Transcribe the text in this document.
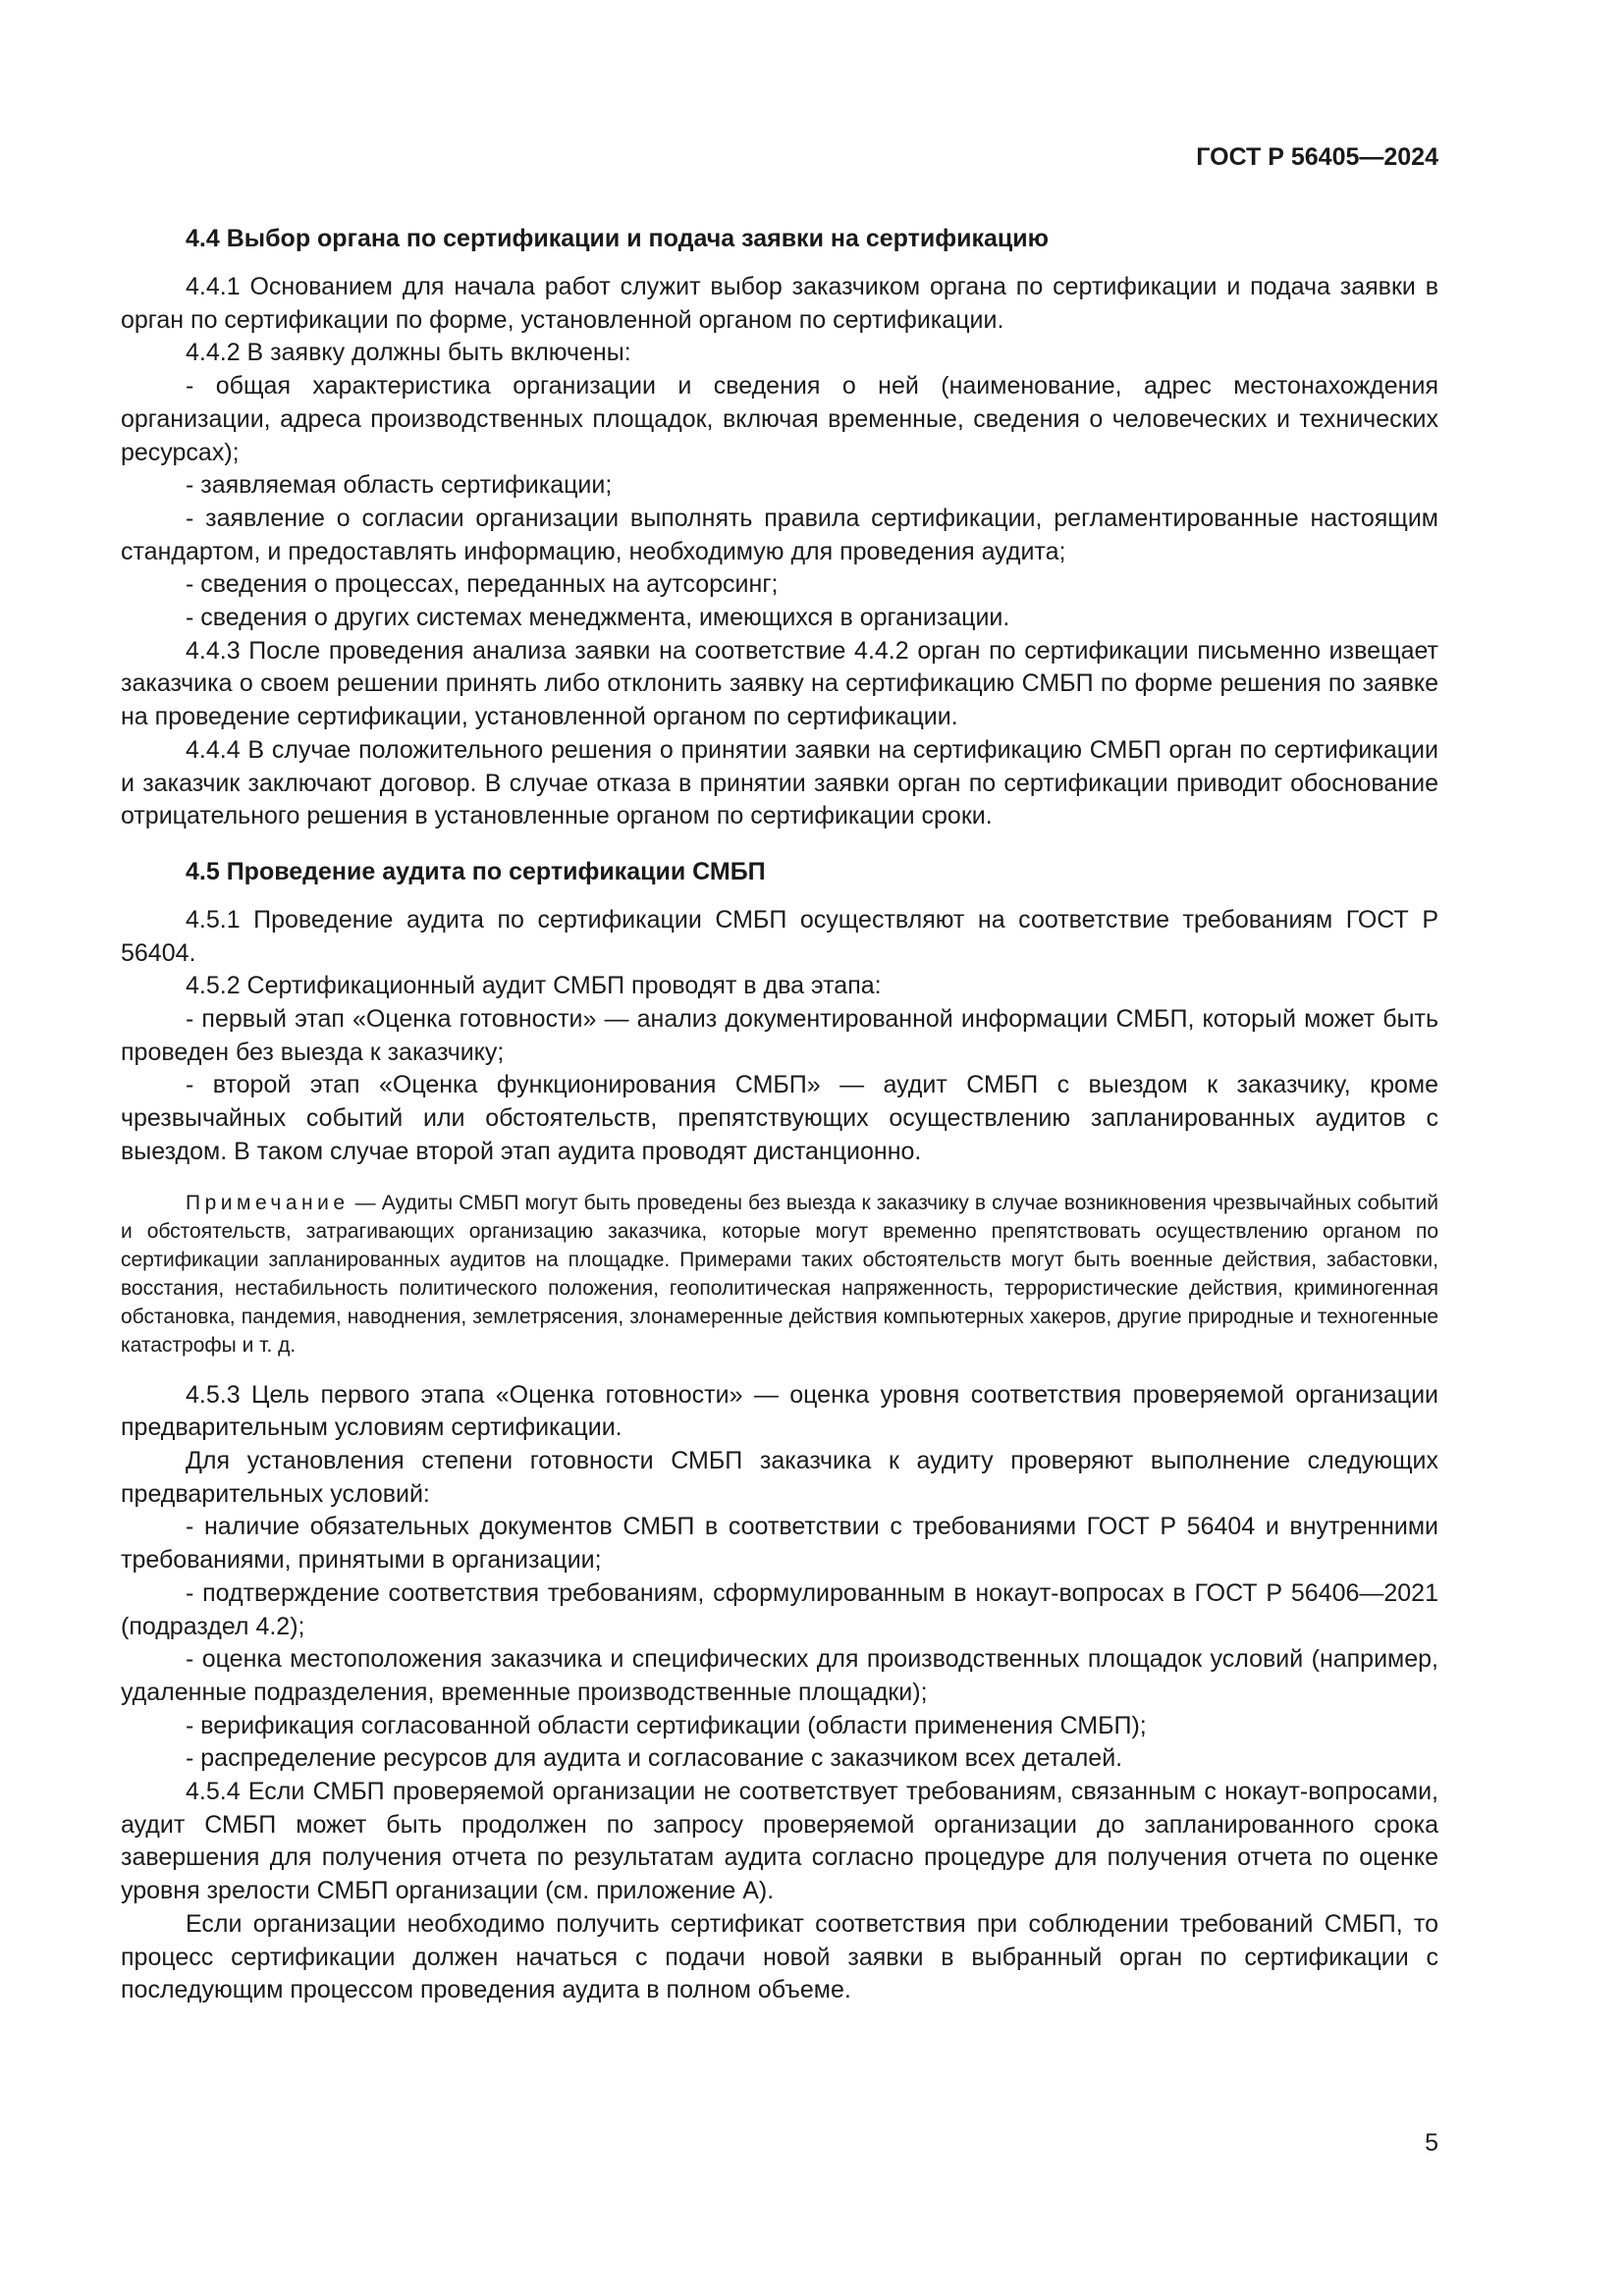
ГОСТ Р 56405—2024
4.4 Выбор органа по сертификации и подача заявки на сертификацию

4.4.1 Основанием для начала работ служит выбор заказчиком органа по сертификации и подача заявки в орган по сертификации по форме, установленной органом по сертификации.

4.4.2 В заявку должны быть включены:

- общая характеристика организации и сведения о ней (наименование, адрес местонахождения организации, адреса производственных площадок, включая временные, сведения о человеческих и технических ресурсах);

- заявляемая область сертификации;

- заявление о согласии организации выполнять правила сертификации, регламентированные настоящим стандартом, и предоставлять информацию, необходимую для проведения аудита;

- сведения о процессах, переданных на аутсорсинг;

- сведения о других системах менеджмента, имеющихся в организации.

4.4.3 После проведения анализа заявки на соответствие 4.4.2 орган по сертификации письменно извещает заказчика о своем решении принять либо отклонить заявку на сертификацию СМБП по форме решения по заявке на проведение сертификации, установленной органом по сертификации.

4.4.4 В случае положительного решения о принятии заявки на сертификацию СМБП орган по сертификации и заказчик заключают договор. В случае отказа в принятии заявки орган по сертификации приводит обоснование отрицательного решения в установленные органом по сертификации сроки.

4.5 Проведение аудита по сертификации СМБП

4.5.1 Проведение аудита по сертификации СМБП осуществляют на соответствие требованиям ГОСТ Р 56404.

4.5.2 Сертификационный аудит СМБП проводят в два этапа:

- первый этап «Оценка готовности» — анализ документированной информации СМБП, который может быть проведен без выезда к заказчику;

- второй этап «Оценка функционирования СМБП» — аудит СМБП с выездом к заказчику, кроме чрезвычайных событий или обстоятельств, препятствующих осуществлению запланированных аудитов с выездом. В таком случае второй этап аудита проводят дистанционно.

Примечание — Аудиты СМБП могут быть проведены без выезда к заказчику в случае возникновения чрезвычайных событий и обстоятельств, затрагивающих организацию заказчика, которые могут временно препятствовать осуществлению органом по сертификации запланированных аудитов на площадке. Примерами таких обстоятельств могут быть военные действия, забастовки, восстания, нестабильность политического положения, геополитическая напряженность, террористические действия, криминогенная обстановка, пандемия, наводнения, землетрясения, злонамеренные действия компьютерных хакеров, другие природные и техногенные катастрофы и т. д.

4.5.3 Цель первого этапа «Оценка готовности» — оценка уровня соответствия проверяемой организации предварительным условиям сертификации.

Для установления степени готовности СМБП заказчика к аудиту проверяют выполнение следующих предварительных условий:

- наличие обязательных документов СМБП в соответствии с требованиями ГОСТ Р 56404 и внутренними требованиями, принятыми в организации;

- подтверждение соответствия требованиям, сформулированным в нокаут-вопросах в ГОСТ Р 56406—2021 (подраздел 4.2);

- оценка местоположения заказчика и специфических для производственных площадок условий (например, удаленные подразделения, временные производственные площадки);

- верификация согласованной области сертификации (области применения СМБП);

- распределение ресурсов для аудита и согласование с заказчиком всех деталей.

4.5.4 Если СМБП проверяемой организации не соответствует требованиям, связанным с нокаут-вопросами, аудит СМБП может быть продолжен по запросу проверяемой организации до запланированного срока завершения для получения отчета по результатам аудита согласно процедуре для получения отчета по оценке уровня зрелости СМБП организации (см. приложение А).

Если организации необходимо получить сертификат соответствия при соблюдении требований СМБП, то процесс сертификации должен начаться с подачи новой заявки в выбранный орган по сертификации с последующим процессом проведения аудита в полном объеме.

5
